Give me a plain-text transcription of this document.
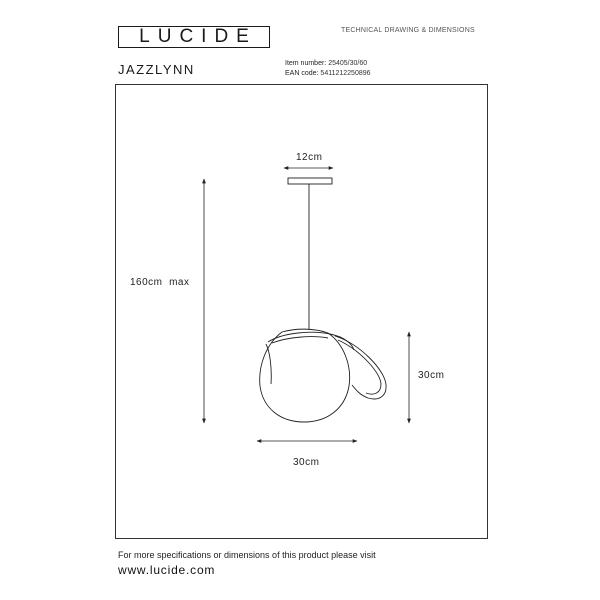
LUCIDE	TECHNICAL DRAWING & DIMENSIONS
JAZZLYNN	Item number: 25405/30/60
EAN code: 5411212250896
12cm
160cm  max
30cm
30cm
For more specifications or dimensions of this product please visit
www.lucide.com
